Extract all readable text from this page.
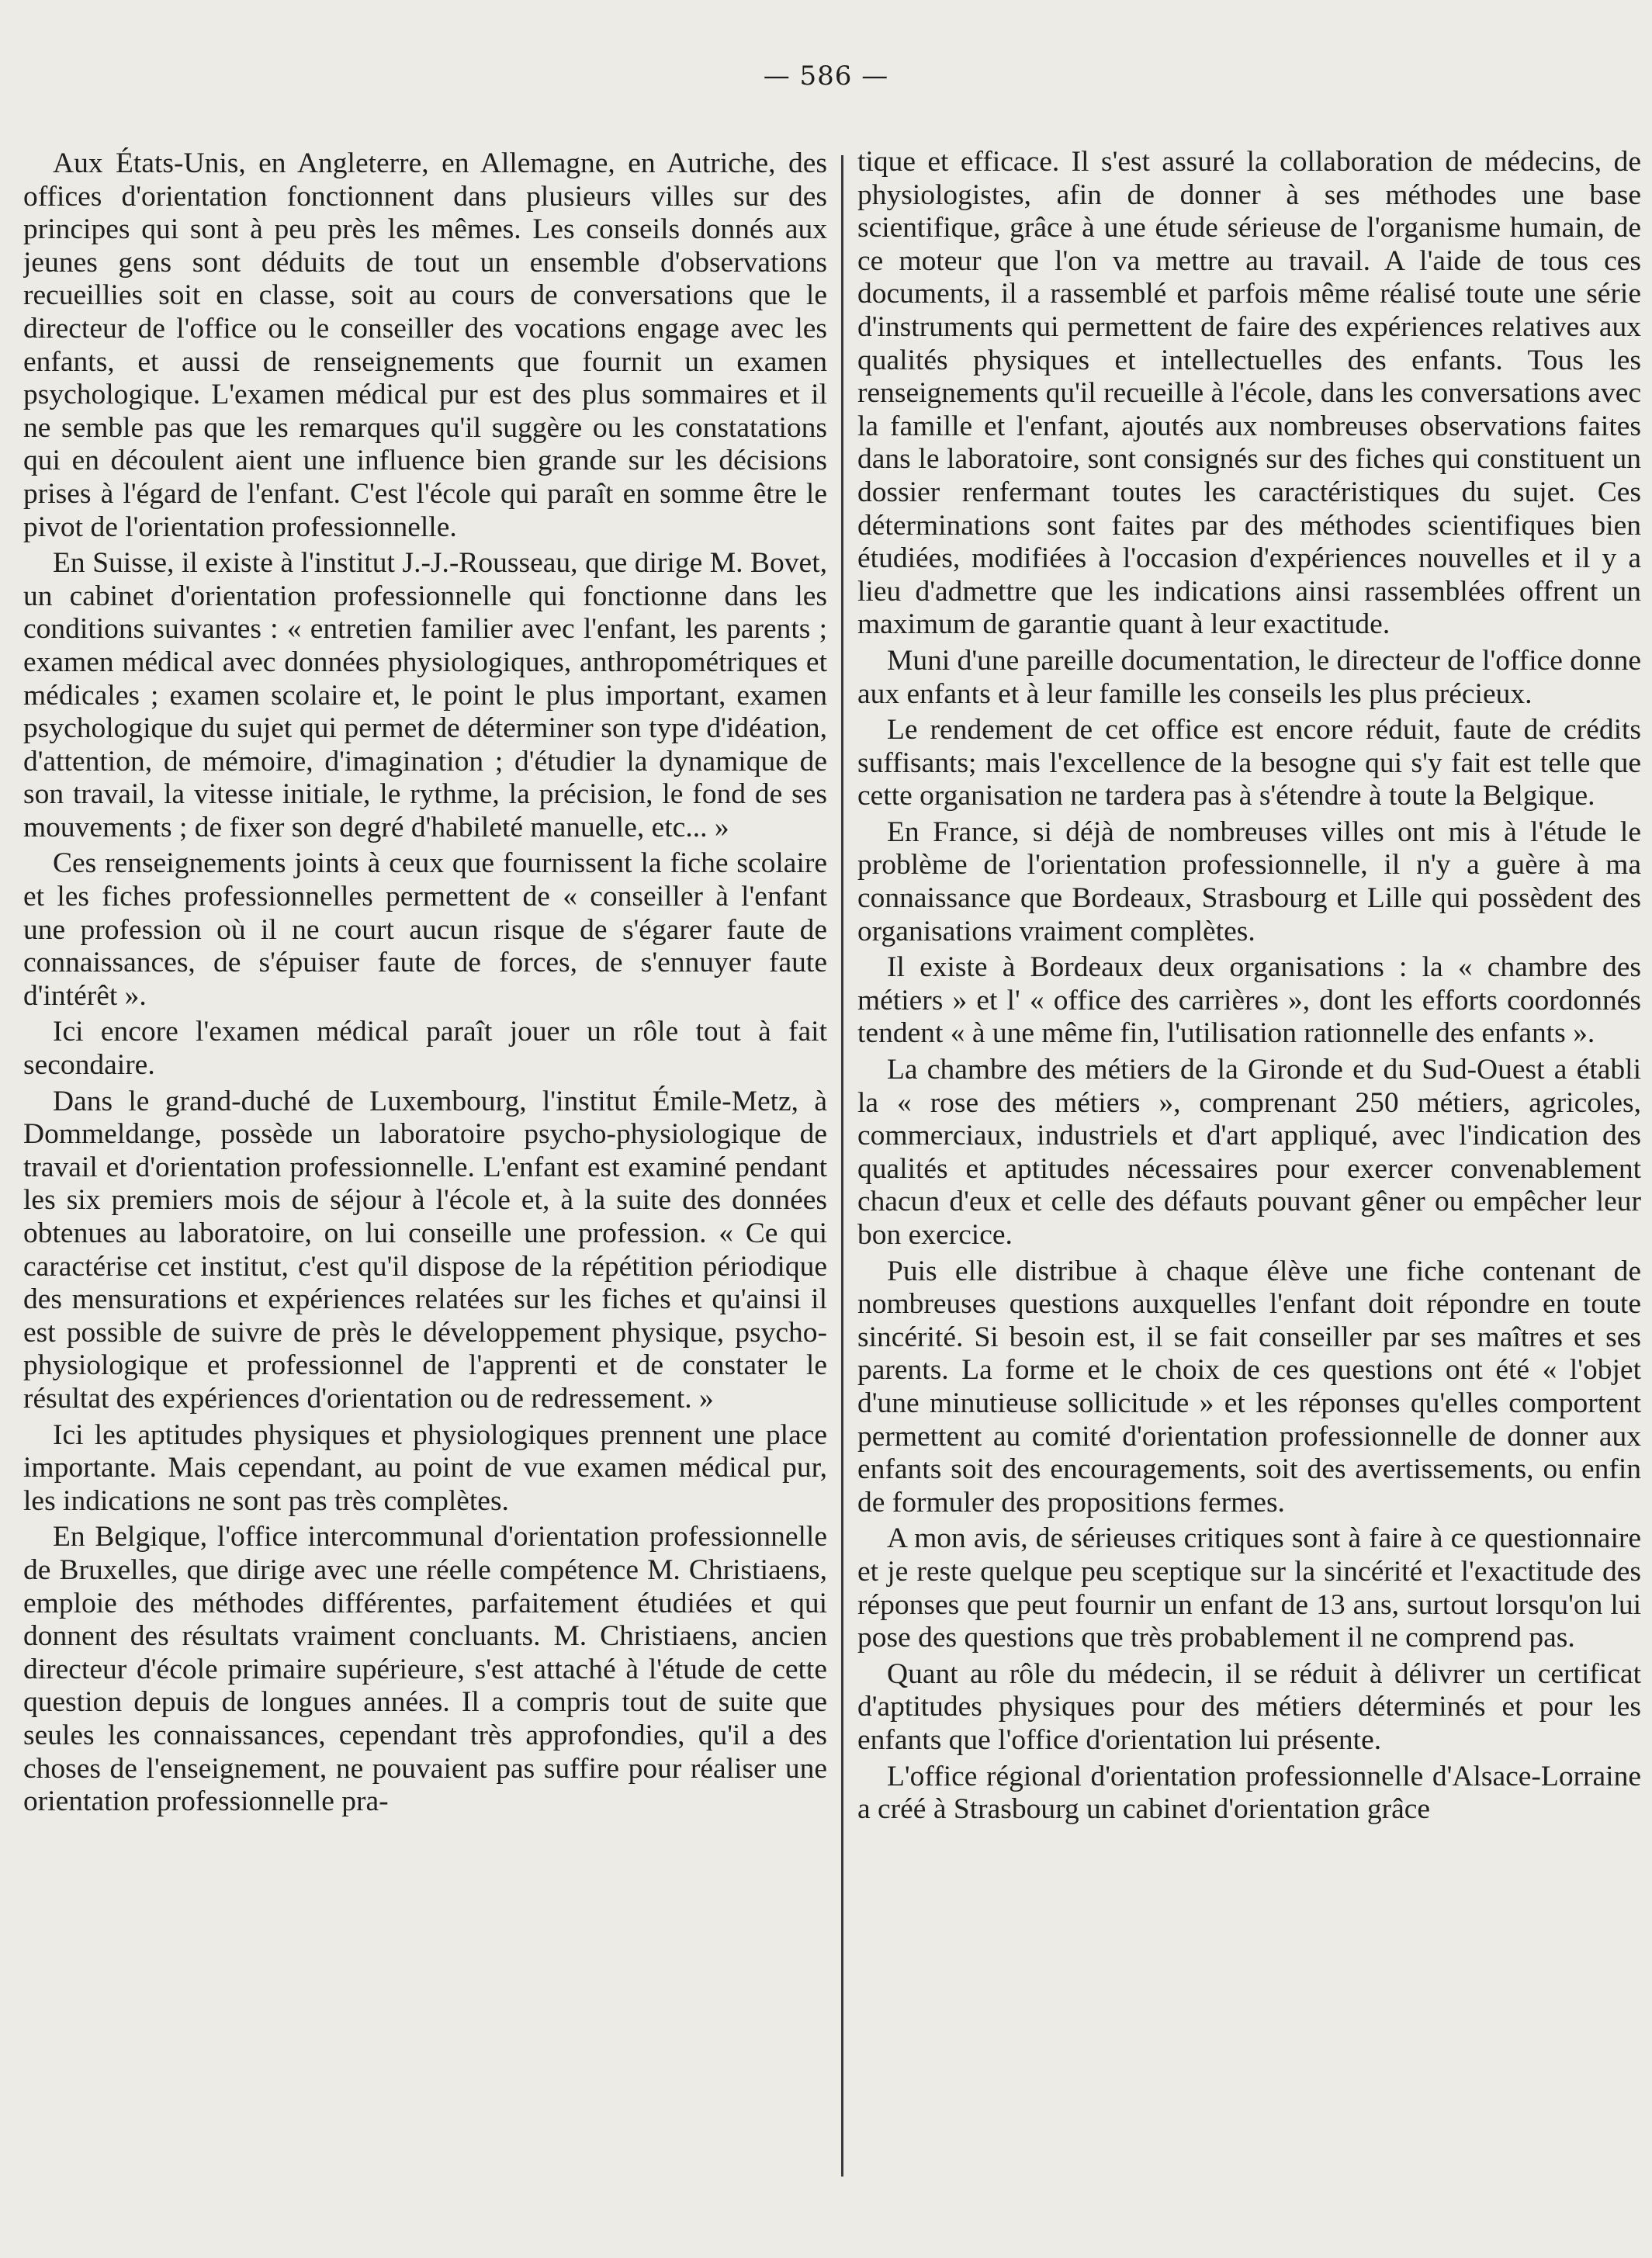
— 586 —

Aux États-Unis, en Angleterre, en Allemagne, en Autriche, des offices d'orientation fonctionnent dans plusieurs villes sur des principes qui sont à peu près les mêmes. Les conseils donnés aux jeunes gens sont déduits de tout un ensemble d'observations recueillies soit en classe, soit au cours de conversations que le directeur de l'office ou le conseiller des vocations engage avec les enfants, et aussi de renseignements que fournit un examen psychologique. L'examen médical pur est des plus sommaires et il ne semble pas que les remarques qu'il suggère ou les constatations qui en découlent aient une influence bien grande sur les décisions prises à l'égard de l'enfant. C'est l'école qui paraît en somme être le pivot de l'orientation professionnelle.

En Suisse, il existe à l'institut J.-J.-Rousseau, que dirige M. Bovet, un cabinet d'orientation professionnelle qui fonctionne dans les conditions suivantes : « entretien familier avec l'enfant, les parents ; examen médical avec données physiologiques, anthropométriques et médicales ; examen scolaire et, le point le plus important, examen psychologique du sujet qui permet de déterminer son type d'idéation, d'attention, de mémoire, d'imagination ; d'étudier la dynamique de son travail, la vitesse initiale, le rythme, la précision, le fond de ses mouvements ; de fixer son degré d'habileté manuelle, etc... »

Ces renseignements joints à ceux que fournissent la fiche scolaire et les fiches professionnelles permettent de « conseiller à l'enfant une profession où il ne court aucun risque de s'égarer faute de connaissances, de s'épuiser faute de forces, de s'ennuyer faute d'intérêt ».

Ici encore l'examen médical paraît jouer un rôle tout à fait secondaire.

Dans le grand-duché de Luxembourg, l'institut Émile-Metz, à Dommeldange, possède un laboratoire psycho-physiologique de travail et d'orientation professionnelle. L'enfant est examiné pendant les six premiers mois de séjour à l'école et, à la suite des données obtenues au laboratoire, on lui conseille une profession. « Ce qui caractérise cet institut, c'est qu'il dispose de la répétition périodique des mensurations et expériences relatées sur les fiches et qu'ainsi il est possible de suivre de près le développement physique, psycho-physiologique et professionnel de l'apprenti et de constater le résultat des expériences d'orientation ou de redressement. »

Ici les aptitudes physiques et physiologiques prennent une place importante. Mais cependant, au point de vue examen médical pur, les indications ne sont pas très complètes.

En Belgique, l'office intercommunal d'orientation professionnelle de Bruxelles, que dirige avec une réelle compétence M. Christiaens, emploie des méthodes différentes, parfaitement étudiées et qui donnent des résultats vraiment concluants. M. Christiaens, ancien directeur d'école primaire supérieure, s'est attaché à l'étude de cette question depuis de longues années. Il a compris tout de suite que seules les connaissances, cependant très approfondies, qu'il a des choses de l'enseignement, ne pouvaient pas suffire pour réaliser une orientation professionnelle pra-

tique et efficace. Il s'est assuré la collaboration de médecins, de physiologistes, afin de donner à ses méthodes une base scientifique, grâce à une étude sérieuse de l'organisme humain, de ce moteur que l'on va mettre au travail. A l'aide de tous ces documents, il a rassemblé et parfois même réalisé toute une série d'instruments qui permettent de faire des expériences relatives aux qualités physiques et intellectuelles des enfants. Tous les renseignements qu'il recueille à l'école, dans les conversations avec la famille et l'enfant, ajoutés aux nombreuses observations faites dans le laboratoire, sont consignés sur des fiches qui constituent un dossier renfermant toutes les caractéristiques du sujet. Ces déterminations sont faites par des méthodes scientifiques bien étudiées, modifiées à l'occasion d'expériences nouvelles et il y a lieu d'admettre que les indications ainsi rassemblées offrent un maximum de garantie quant à leur exactitude.

Muni d'une pareille documentation, le directeur de l'office donne aux enfants et à leur famille les conseils les plus précieux.

Le rendement de cet office est encore réduit, faute de crédits suffisants; mais l'excellence de la besogne qui s'y fait est telle que cette organisation ne tardera pas à s'étendre à toute la Belgique.

En France, si déjà de nombreuses villes ont mis à l'étude le problème de l'orientation professionnelle, il n'y a guère à ma connaissance que Bordeaux, Strasbourg et Lille qui possèdent des organisations vraiment complètes.

Il existe à Bordeaux deux organisations : la « chambre des métiers » et l' « office des carrières », dont les efforts coordonnés tendent « à une même fin, l'utilisation rationnelle des enfants ».

La chambre des métiers de la Gironde et du Sud-Ouest a établi la « rose des métiers », comprenant 250 métiers, agricoles, commerciaux, industriels et d'art appliqué, avec l'indication des qualités et aptitudes nécessaires pour exercer convenablement chacun d'eux et celle des défauts pouvant gêner ou empêcher leur bon exercice.

Puis elle distribue à chaque élève une fiche contenant de nombreuses questions auxquelles l'enfant doit répondre en toute sincérité. Si besoin est, il se fait conseiller par ses maîtres et ses parents. La forme et le choix de ces questions ont été « l'objet d'une minutieuse sollicitude » et les réponses qu'elles comportent permettent au comité d'orientation professionnelle de donner aux enfants soit des encouragements, soit des avertissements, ou enfin de formuler des propositions fermes.

A mon avis, de sérieuses critiques sont à faire à ce questionnaire et je reste quelque peu sceptique sur la sincérité et l'exactitude des réponses que peut fournir un enfant de 13 ans, surtout lorsqu'on lui pose des questions que très probablement il ne comprend pas.

Quant au rôle du médecin, il se réduit à délivrer un certificat d'aptitudes physiques pour des métiers déterminés et pour les enfants que l'office d'orientation lui présente.

L'office régional d'orientation professionnelle d'Alsace-Lorraine a créé à Strasbourg un cabinet d'orientation grâce
